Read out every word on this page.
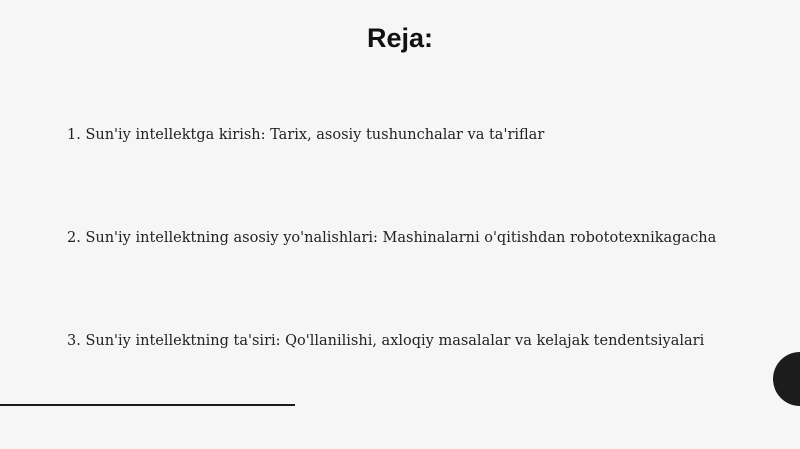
Reja:
1. Sun'iy intellektga kirish: Tarix, asosiy tushunchalar va ta'riflar
2. Sun'iy intellektning asosiy yo'nalishlari: Mashinalarni o'qitishdan robototexnikagacha
3. Sun'iy intellektning ta'siri: Qo'llanilishi, axloqiy masalalar va kelajak tendentsiyalari
